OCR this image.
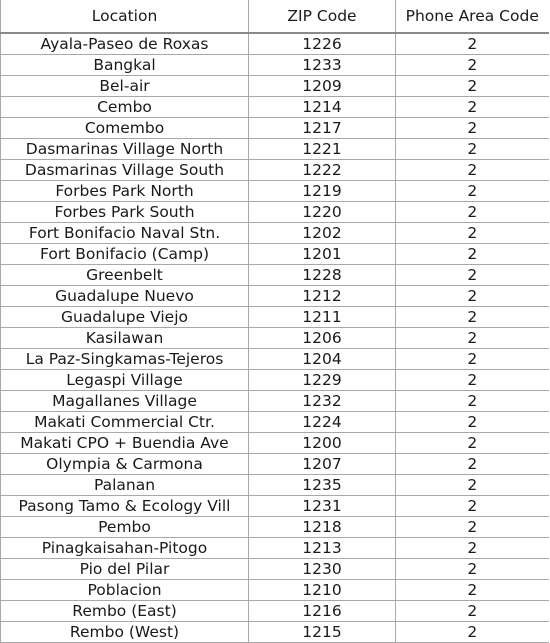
Location	ZIP Code	Phone Area Code
Ayala-Paseo de Roxas	1226	2
Bangkal	1233	2
Bel-air	1209	2
Cembo	1214	2
Comembo	1217	2
Dasmarinas Village North	1221	2
Dasmarinas Village South	1222	2
Forbes Park North	1219	2
Forbes Park South	1220	2
Fort Bonifacio Naval Stn.	1202	2
Fort Bonifacio (Camp)	1201	2
Greenbelt	1228	2
Guadalupe Nuevo	1212	2
Guadalupe Viejo	1211	2
Kasilawan	1206	2
La Paz-Singkamas-Tejeros	1204	2
Legaspi Village	1229	2
Magallanes Village	1232	2
Makati Commercial Ctr.	1224	2
Makati CPO + Buendia Ave	1200	2
Olympia & Carmona	1207	2
Palanan	1235	2
Pasong Tamo & Ecology Vill	1231	2
Pembo	1218	2
Pinagkaisahan-Pitogo	1213	2
Pio del Pilar	1230	2
Poblacion	1210	2
Rembo (East)	1216	2
Rembo (West)	1215	2
